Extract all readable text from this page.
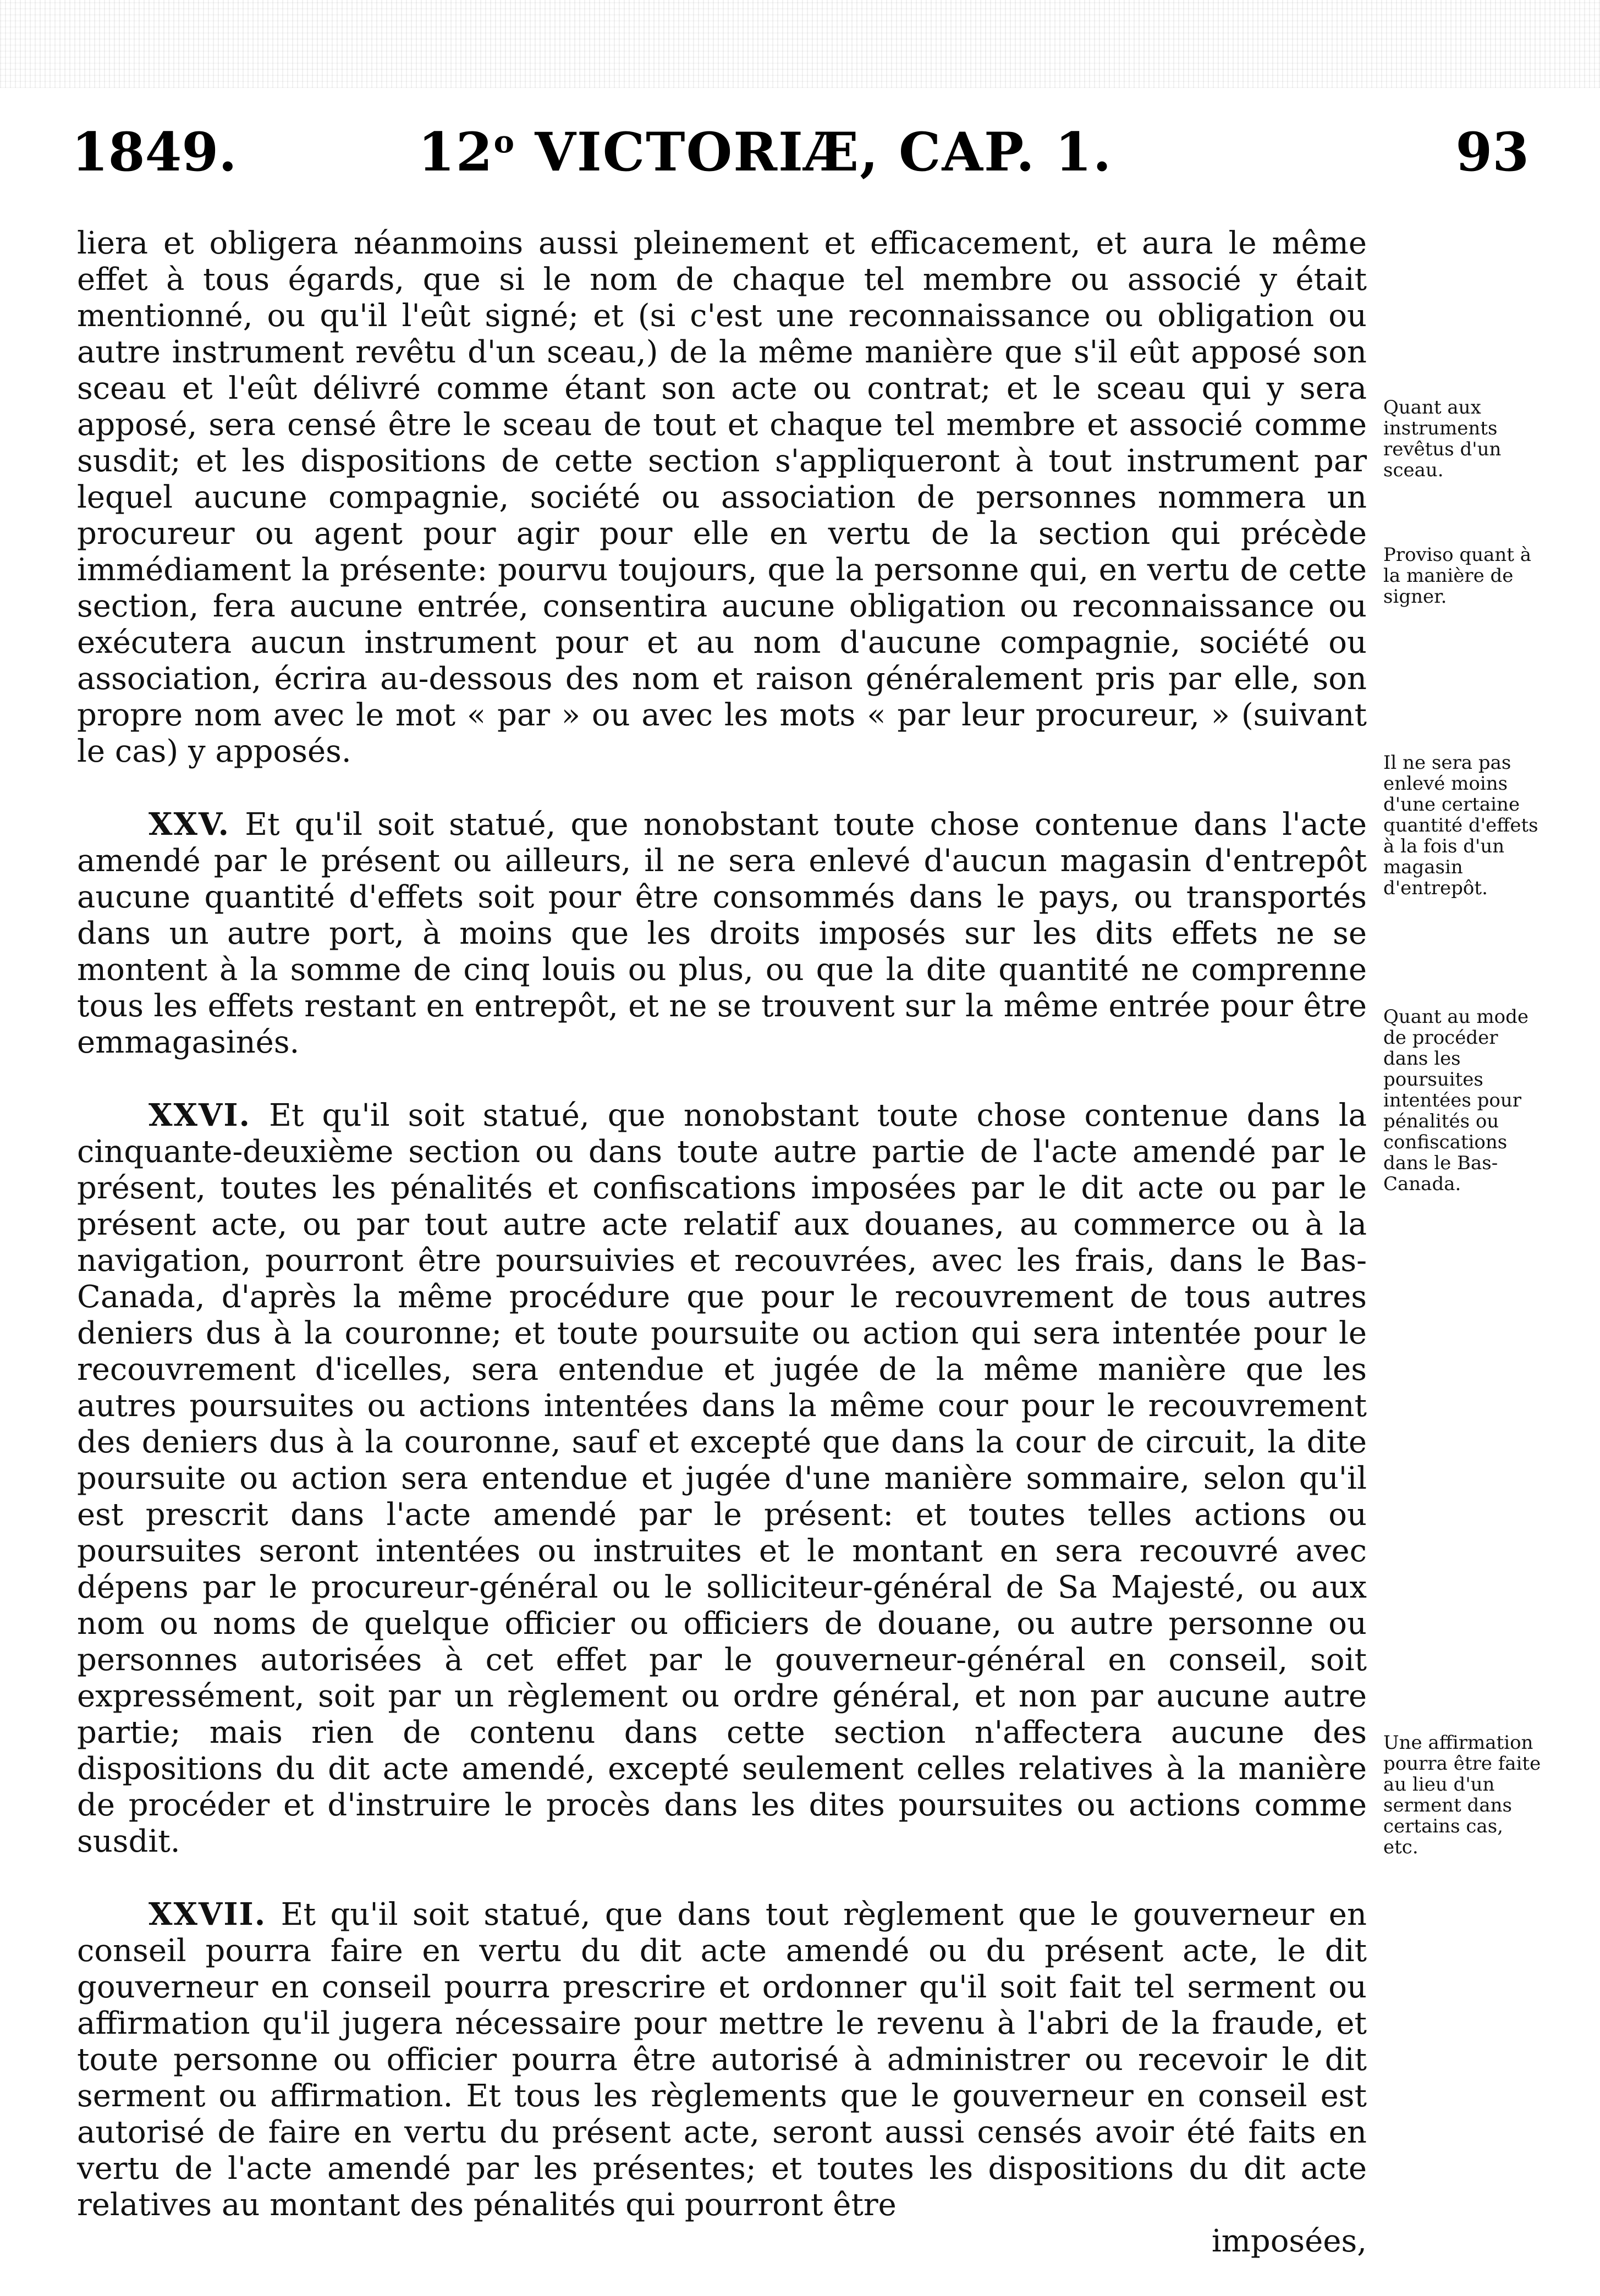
1849.	12$^o$ VICTORIÆ, CAP. 1.	93

liera et obligera néanmoins aussi pleinement et efficacement, et aura le même effet à tous égards, que si le nom de chaque tel membre ou associé y était mentionné, ou qu'il l'eût signé; et (si c'est une reconnaissance ou obligation ou autre instrument revêtu d'un sceau,) de la même manière que s'il eût apposé son sceau et l'eût délivré comme étant son acte ou contrat; et le sceau qui y sera apposé, sera censé être le sceau de tout et chaque tel membre et associé comme susdit; et les dispositions de cette section s'appliqueront à tout instrument par lequel aucune compagnie, société ou association de personnes nommera un procureur ou agent pour agir pour elle en vertu de la section qui précède immédiament la présente: pourvu toujours, que la personne qui, en vertu de cette section, fera aucune entrée, consentira aucune obligation ou reconnaissance ou exécutera aucun instrument pour et au nom d'aucune compagnie, société ou association, écrira au-dessous des nom et raison généralement pris par elle, son propre nom avec le mot « par » ou avec les mots « par leur procureur, » (suivant le cas) y apposés.

XXV. Et qu'il soit statué, que nonobstant toute chose contenue dans l'acte amendé par le présent ou ailleurs, il ne sera enlevé d'aucun magasin d'entrepôt aucune quantité d'effets soit pour être consommés dans le pays, ou transportés dans un autre port, à moins que les droits imposés sur les dits effets ne se montent à la somme de cinq louis ou plus, ou que la dite quantité ne comprenne tous les effets restant en entrepôt, et ne se trouvent sur la même entrée pour être emmagasinés.

XXVI. Et qu'il soit statué, que nonobstant toute chose contenue dans la cinquante-deuxième section ou dans toute autre partie de l'acte amendé par le présent, toutes les pénalités et confiscations imposées par le dit acte ou par le présent acte, ou par tout autre acte relatif aux douanes, au commerce ou à la navigation, pourront être poursuivies et recouvrées, avec les frais, dans le Bas-Canada, d'après la même procédure que pour le recouvrement de tous autres deniers dus à la couronne; et toute poursuite ou action qui sera intentée pour le recouvrement d'icelles, sera entendue et jugée de la même manière que les autres poursuites ou actions intentées dans la même cour pour le recouvrement des deniers dus à la couronne, sauf et excepté que dans la cour de circuit, la dite poursuite ou action sera entendue et jugée d'une manière sommaire, selon qu'il est prescrit dans l'acte amendé par le présent: et toutes telles actions ou poursuites seront intentées ou instruites et le montant en sera recouvré avec dépens par le procureur-général ou le solliciteur-général de Sa Majesté, ou aux nom ou noms de quelque officier ou officiers de douane, ou autre personne ou personnes autorisées à cet effet par le gouverneur-général en conseil, soit expressément, soit par un règlement ou ordre général, et non par aucune autre partie; mais rien de contenu dans cette section n'affectera aucune des dispositions du dit acte amendé, excepté seulement celles relatives à la manière de procéder et d'instruire le procès dans les dites poursuites ou actions comme susdit.

XXVII. Et qu'il soit statué, que dans tout règlement que le gouverneur en conseil pourra faire en vertu du dit acte amendé ou du présent acte, le dit gouverneur en conseil pourra prescrire et ordonner qu'il soit fait tel serment ou affirmation qu'il jugera nécessaire pour mettre le revenu à l'abri de la fraude, et toute personne ou officier pourra être autorisé à administrer ou recevoir le dit serment ou affirmation. Et tous les règlements que le gouverneur en conseil est autorisé de faire en vertu du présent acte, seront aussi censés avoir été faits en vertu de l'acte amendé par les présentes; et toutes les dispositions du dit acte relatives au montant des pénalités qui pourront être
imposées,

Quant aux instruments revêtus d'un sceau.
Proviso quant à la manière de signer.
Il ne sera pas enlevé moins d'une certaine quantité d'effets à la fois d'un magasin d'entrepôt.
Quant au mode de procéder dans les poursuites intentées pour pénalités ou confiscations dans le Bas-Canada.
Une affirmation pourra être faite au lieu d'un serment dans certains cas, etc.
